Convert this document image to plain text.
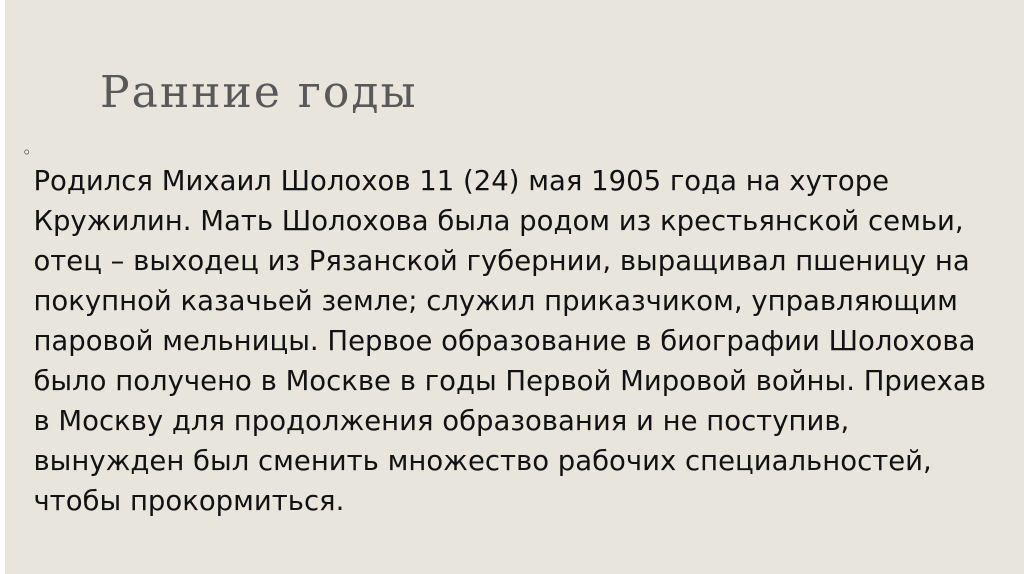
Ранние годы
◦

Родился Михаил Шолохов 11 (24) мая 1905 года на хуторе Кружилин. Мать Шолохова была родом из крестьянской семьи, отец – выходец из Рязанской губернии, выращивал пшеницу на покупной казачьей земле; служил приказчиком, управляющим паровой мельницы. Первое образование в биографии Шолохова было получено в Москве в годы Первой Мировой войны. Приехав в Москву для продолжения образования и не поступив, вынужден был сменить множество рабочих специальностей, чтобы прокормиться.
